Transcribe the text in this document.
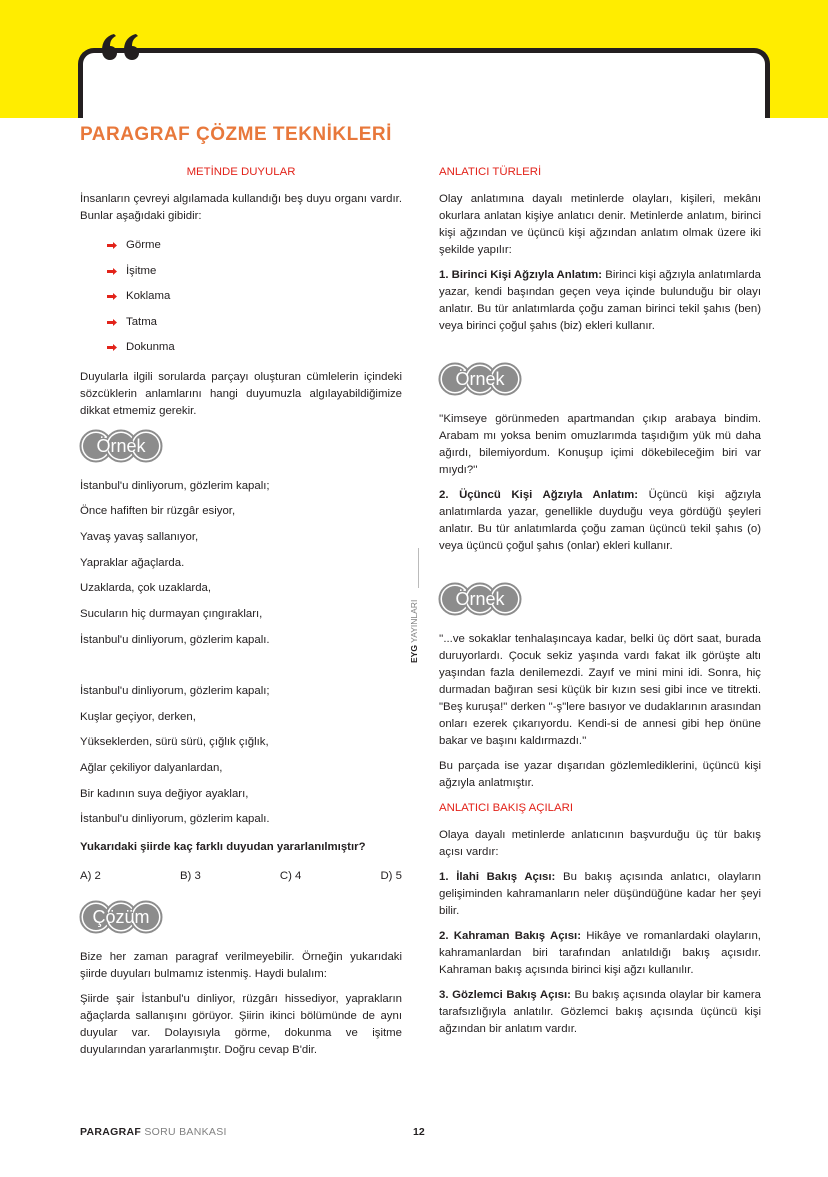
PARAGRAF ÇÖZME TEKNİKLERİ
METİNDE DUYULAR

İnsanların çevreyi algılamada kullandığı beş duyu organı vardır. Bunlar aşağıdaki gibidir:

Görme
İşitme
Koklama
Tatma
Dokunma

Duyularla ilgili sorularda parçayı oluşturan cümlelerin içindeki sözcüklerin anlamlarını hangi duyumuzla algılayabildiğimize dikkat etmemiz gerekir.

Örnek

İstanbul'u dinliyorum, gözlerim kapalı;

Önce hafiften bir rüzgâr esiyor,

Yavaş yavaş sallanıyor,

Yapraklar ağaçlarda.

Uzaklarda, çok uzaklarda,

Sucuların hiç durmayan çıngırakları,

İstanbul'u dinliyorum, gözlerim kapalı.

İstanbul'u dinliyorum, gözlerim kapalı;

Kuşlar geçiyor, derken,

Yükseklerden, sürü sürü, çığlık çığlık,

Ağlar çekiliyor dalyanlardan,

Bir kadının suya değiyor ayakları,

İstanbul'u dinliyorum, gözlerim kapalı.

Yukarıdaki şiirde kaç farklı duyudan yararlanılmıştır?

A) 2	B) 3	C) 4	D) 5
Çözüm

Bize her zaman paragraf verilmeyebilir. Örneğin yukarıdaki şiirde duyuları bulmamız istenmiş. Haydi bulalım:

Şiirde şair İstanbul'u dinliyor, rüzgârı hissediyor, yaprakların ağaçlarda sallanışını görüyor. Şiirin ikinci bölümünde de aynı duyular var. Dolayısıyla görme, dokunma ve işitme duyularından yararlanmıştır. Doğru cevap B'dir.

EYG YAYINLARI
ANLATICI TÜRLERİ

Olay anlatımına dayalı metinlerde olayları, kişileri, mekânı okurlara anlatan kişiye anlatıcı denir. Metinlerde anlatım, birinci kişi ağzından ve üçüncü kişi ağzından anlatım olmak üzere iki şekilde yapılır:

1. Birinci Kişi Ağzıyla Anlatım: Birinci kişi ağzıyla anlatımlarda yazar, kendi başından geçen veya içinde bulunduğu bir olayı anlatır. Bu tür anlatımlarda çoğu zaman birinci tekil şahıs (ben) veya birinci çoğul şahıs (biz) ekleri kullanır.

Örnek

''Kimseye görünmeden apartmandan çıkıp arabaya bindim. Arabam mı yoksa benim omuzlarımda taşıdığım yük mü daha ağırdı, bilemiyordum. Konuşup içimi dökebileceğim biri var mıydı?''

2. Üçüncü Kişi Ağzıyla Anlatım: Üçüncü kişi ağzıyla anlatımlarda yazar, genellikle duyduğu veya gördüğü şeyleri anlatır. Bu tür anlatımlarda çoğu zaman üçüncü tekil şahıs (o) veya üçüncü çoğul şahıs (onlar) ekleri kullanır.

Örnek

''...ve sokaklar tenhalaşıncaya kadar, belki üç dört saat, burada duruyorlardı. Çocuk sekiz yaşında vardı fakat ilk görüşte altı yaşından fazla denilemezdi. Zayıf ve mini mini idi. Sonra, hiç durmadan bağıran sesi küçük bir kızın sesi gibi ince ve titrekti. "Beş kuruşa!" derken "-ş"lere basıyor ve dudaklarının arasından onları ezerek çıkarıyordu. Kendi-si de annesi gibi hep önüne bakar ve başını kaldırmazdı.''

Bu parçada ise yazar dışarıdan gözlemlediklerini, üçüncü kişi ağzıyla anlatmıştır.

ANLATICI BAKIŞ AÇILARI

Olaya dayalı metinlerde anlatıcının başvurduğu üç tür bakış açısı vardır:

1. İlahi Bakış Açısı: Bu bakış açısında anlatıcı, olayların gelişiminden kahramanların neler düşündüğüne kadar her şeyi bilir.

2. Kahraman Bakış Açısı: Hikâye ve romanlardaki olayların, kahramanlardan biri tarafından anlatıldığı bakış açısıdır. Kahraman bakış açısında birinci kişi ağzı kullanılır.

3. Gözlemci Bakış Açısı: Bu bakış açısında olaylar bir kamera tarafsızlığıyla anlatılır. Gözlemci bakış açısında üçüncü kişi ağzından bir anlatım vardır.

PARAGRAF SORU BANKASI	12
